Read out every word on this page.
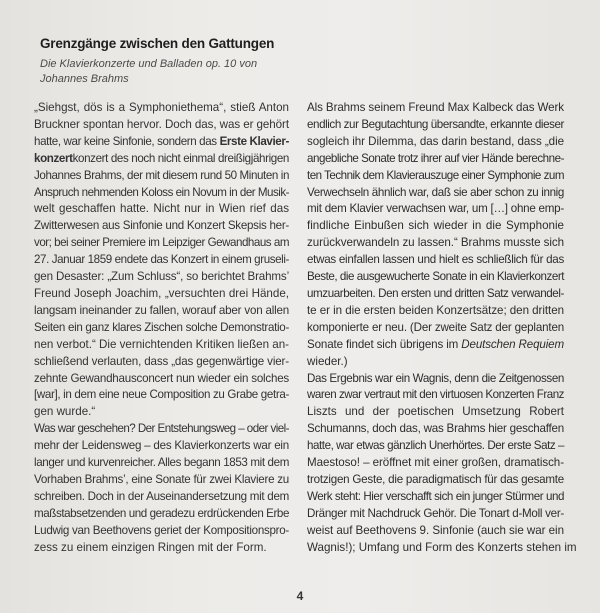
Grenzgänge zwischen den Gattungen

Die Klavierkonzerte und Balladen op. 10 von
Johannes Brahms

„Siehgst, dös is a Symphoniethema“, stieß Anton
Bruckner spontan hervor. Doch das, was er gehört
hatte, war keine Sinfonie, sondern das Erste Klavier-
konzertkonzert des noch nicht einmal dreißigjährigen
Johannes Brahms, der mit diesem rund 50 Minuten in
Anspruch nehmenden Koloss ein Novum in der Musik-
welt geschaffen hatte. Nicht nur in Wien rief das
Zwitterwesen aus Sinfonie und Konzert Skepsis her-
vor; bei seiner Premiere im Leipziger Gewandhaus am
27. Januar 1859 endete das Konzert in einem gruseli-
gen Desaster: „Zum Schluss“, so berichtet Brahms’
Freund Joseph Joachim, „versuchten drei Hände,
langsam ineinander zu fallen, worauf aber von allen
Seiten ein ganz klares Zischen solche Demonstratio-
nen verbot.“ Die vernichtenden Kritiken ließen an-
schließend verlauten, dass „das gegenwärtige vier-
zehnte Gewandhausconcert nun wieder ein solches
[war], in dem eine neue Composition zu Grabe getra-
gen wurde.“
Was war geschehen? Der Entstehungsweg – oder viel-
mehr der Leidensweg – des Klavierkonzerts war ein
langer und kurvenreicher. Alles begann 1853 mit dem
Vorhaben Brahms’, eine Sonate für zwei Klaviere zu
schreiben. Doch in der Auseinandersetzung mit dem
maßstabsetzenden und geradezu erdrückenden Erbe
Ludwig van Beethovens geriet der Kompositionspro-
zess zu einem einzigen Ringen mit der Form.
Als Brahms seinem Freund Max Kalbeck das Werk
endlich zur Begutachtung übersandte, erkannte dieser
sogleich ihr Dilemma, das darin bestand, dass „die
angebliche Sonate trotz ihrer auf vier Hände berechne-
ten Technik dem Klavierauszuge einer Symphonie zum
Verwechseln ähnlich war, daß sie aber schon zu innig
mit dem Klavier verwachsen war, um […] ohne emp-
findliche Einbußen sich wieder in die Symphonie
zurückverwandeln zu lassen.“ Brahms musste sich
etwas einfallen lassen und hielt es schließlich für das
Beste, die ausgewucherte Sonate in ein Klavierkonzert
umzuarbeiten. Den ersten und dritten Satz verwandel-
te er in die ersten beiden Konzertsätze; den dritten
komponierte er neu. (Der zweite Satz der geplanten
Sonate findet sich übrigens im Deutschen Requiem
wieder.)
Das Ergebnis war ein Wagnis, denn die Zeitgenossen
waren zwar vertraut mit den virtuosen Konzerten Franz
Liszts und der poetischen Umsetzung Robert
Schumanns, doch das, was Brahms hier geschaffen
hatte, war etwas gänzlich Unerhörtes. Der erste Satz –
Maestoso! – eröffnet mit einer großen, dramatisch-
trotzigen Geste, die paradigmatisch für das gesamte
Werk steht: Hier verschafft sich ein junger Stürmer und
Dränger mit Nachdruck Gehör. Die Tonart d-Moll ver-
weist auf Beethovens 9. Sinfonie (auch sie war ein
Wagnis!); Umfang und Form des Konzerts stehen im
4
